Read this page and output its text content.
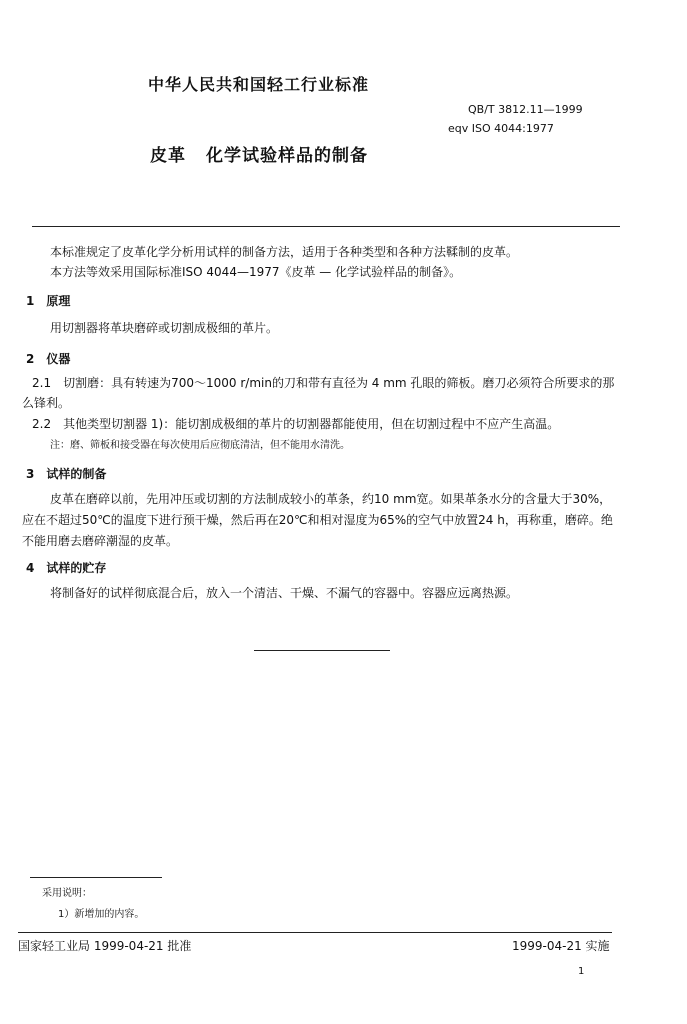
中华人民共和国轻工行业标准
QB/T 3812.11—1999
eqv ISO 4044:1977
皮革 化学试验样品的制备
本标准规定了皮革化学分析用试样的制备方法，适用于各种类型和各种方法鞣制的皮革。
本方法等效采用国际标准ISO 4044—1977《皮革 — 化学试验样品的制备》。
1　原理
用切割器将革块磨碎或切割成极细的革片。
2　仪器
2.1　切割磨：具有转速为700～1000 r/min的刀和带有直径为 4 mm 孔眼的筛板。磨刀必须符合所要求的那么锋利。
2.2　其他类型切割器 1)：能切割成极细的革片的切割器都能使用，但在切割过程中不应产生高温。
注：磨、筛板和接受器在每次使用后应彻底清洁，但不能用水清洗。
3　试样的制备
皮革在磨碎以前，先用冲压或切割的方法制成较小的革条，约10 mm宽。如果革条水分的含量大于30%，应在不超过50℃的温度下进行预干燥，然后再在20℃和相对湿度为65%的空气中放置24 h，再称重，磨碎。绝不能用磨去磨碎潮湿的皮革。
4　试样的贮存
将制备好的试样彻底混合后，放入一个清洁、干燥、不漏气的容器中。容器应远离热源。
采用说明：
1）新增加的内容。
国家轻工业局 1999-04-21 批准	1999-04-21 实施
1
